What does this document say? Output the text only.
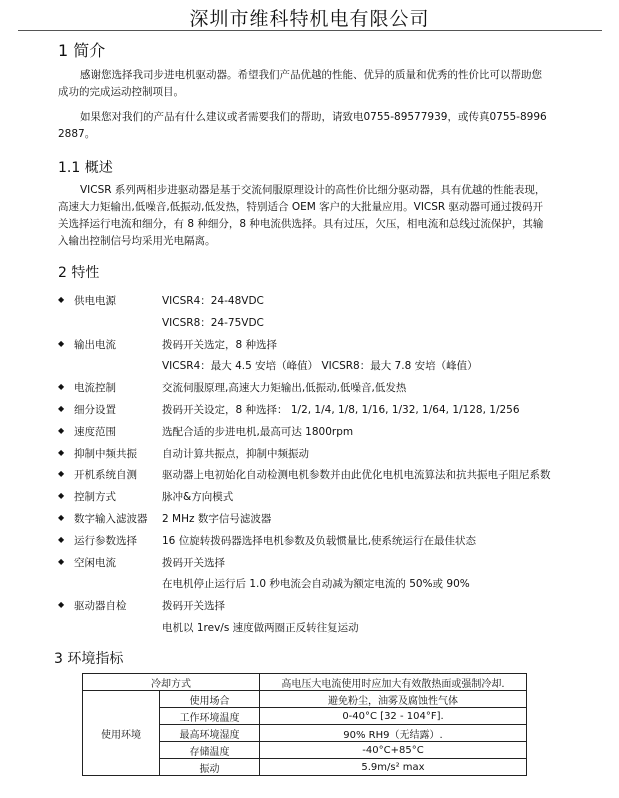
深圳市维科特机电有限公司
1 简介
感谢您选择我司步进电机驱动器。希望我们产品优越的性能、优异的质量和优秀的性价比可以帮助您
成功的完成运动控制项目。
如果您对我们的产品有什么建议或者需要我们的帮助，请致电0755-89577939，或传真0755-8996
2887。
1.1 概述
VICSR 系列两相步进驱动器是基于交流伺服原理设计的高性价比细分驱动器，具有优越的性能表现，
高速大力矩输出,低噪音,低振动,低发热，特别适合 OEM 客户的大批量应用。VICSR 驱动器可通过拨码开
关选择运行电流和细分，有 8 种细分，8 种电流供选择。具有过压，欠压，相电流和总线过流保护，其输
入输出控制信号均采用光电隔离。
2 特性
◆ 供电电源	VICSR4：24-48VDC
VICSR8：24-75VDC
◆ 输出电流	拨码开关选定，8 种选择
VICSR4：最大 4.5 安培（峰值） VICSR8：最大 7.8 安培（峰值）
◆ 电流控制	交流伺服原理,高速大力矩输出,低振动,低噪音,低发热
◆ 细分设置	拨码开关设定，8 种选择： 1/2, 1/4, 1/8, 1/16, 1/32, 1/64, 1/128, 1/256
◆ 速度范围	选配合适的步进电机,最高可达 1800rpm
◆ 抑制中频共振 自动计算共振点，抑制中频振动
◆ 开机系统自测 驱动器上电初始化自动检测电机参数并由此优化电机电流算法和抗共振电子阻尼系数
◆ 控制方式	脉冲&方向模式
◆ 数字输入滤波器 2 MHz 数字信号滤波器
◆ 运行参数选择 16 位旋转拨码器选择电机参数及负载惯量比,使系统运行在最佳状态
◆ 空闲电流	拨码开关选择
在电机停止运行后 1.0 秒电流会自动减为额定电流的 50%或 90%
◆ 驱动器自检	拨码开关选择
电机以 1rev/s 速度做两圈正反转往复运动
3 环境指标
冷却方式		高电压大电流使用时应加大有效散热面或强制冷却.
使用环境	使用场合	避免粉尘，油雾及腐蚀性气体
	工作环境温度	0-40°C [32 - 104°F].
	最高环境湿度	90% RH9（无结露）.
	存储温度	-40°C+85°C
	振动	5.9m/s² max
